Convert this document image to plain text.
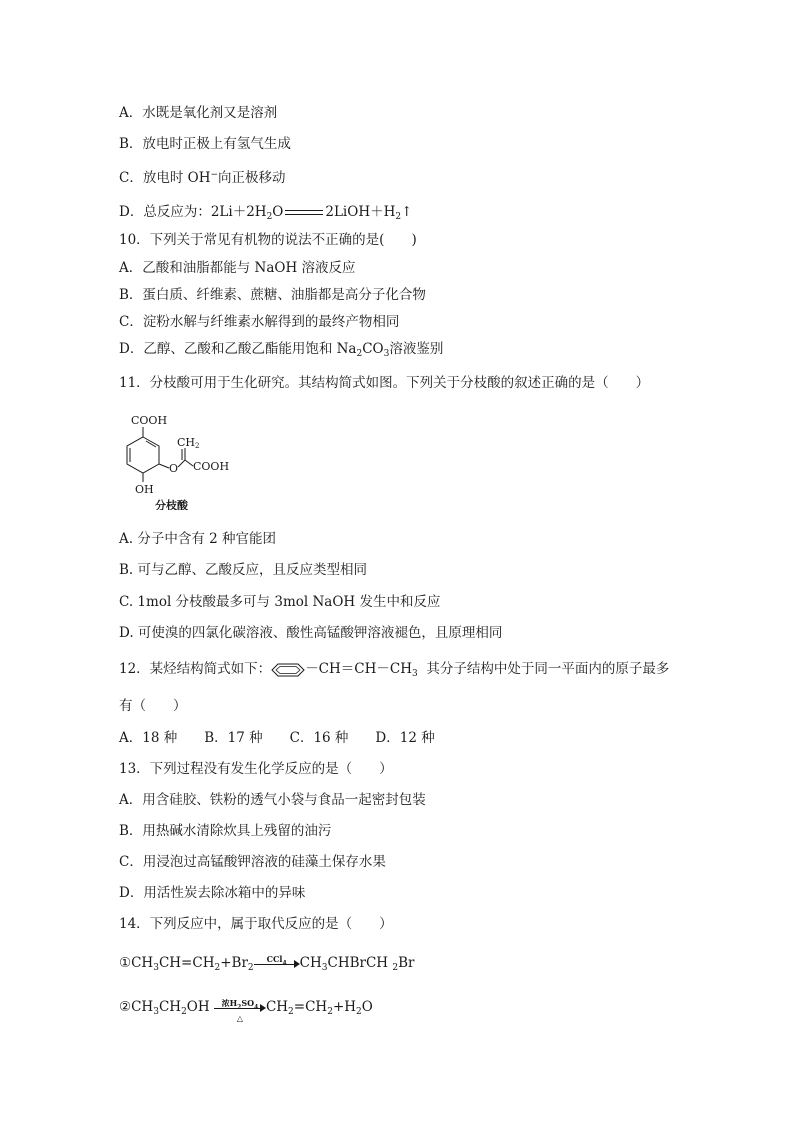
A．水既是氧化剂又是溶剂
B．放电时正极上有氢气生成
C．放电时 OH−向正极移动
D．总反应为：$2Li+2H_2O$	$2LiOH+H_2↑$
10．下列关于常见有机物的说法不正确的是(　　)
A．乙酸和油脂都能与 NaOH 溶液反应
B．蛋白质、纤维素、蔗糖、油脂都是高分子化合物
C．淀粉水解与纤维素水解得到的最终产物相同
D．乙醇、乙酸和乙酸乙酯能用饱和 $Na_2CO_3$溶液鉴别
11．分枝酸可用于生化研究。其结构简式如图。下列关于分枝酸的叙述正确的是（　　）
COOH
O
CH2
COOH
OH
分枝酸
A. 分子中含有 2 种官能团
B. 可与乙醇、乙酸反应，且反应类型相同
C. 1mol 分枝酸最多可与 3mol NaOH 发生中和反应
D. 可使溴的四氯化碳溶液、酸性高锰酸钾溶液褪色，且原理相同
12．某烃结构简式如下：	$-CH=CH-CH_3$ 其分子结构中处于同一平面内的原子最多
有（　　）
A．18 种　　B．17 种　　C．16 种　　D．12 种
13．下列过程没有发生化学反应的是（　　）
A．用含硅胶、铁粉的透气小袋与食品一起密封包装
B．用热碱水清除炊具上残留的油污
C．用浸泡过高锰酸钾溶液的硅藻土保存水果
D．用活性炭去除冰箱中的异味
14．下列反应中，属于取代反应的是（　　）
$①CH_3CH=CH_2+Br_2$
CCl$_4$ $CH_3CHBrCH$ $_2$Br
$②CH_3CH_2OH$	浓$H_2SO_4$
△
$CH_2=CH_2+H_2O$
